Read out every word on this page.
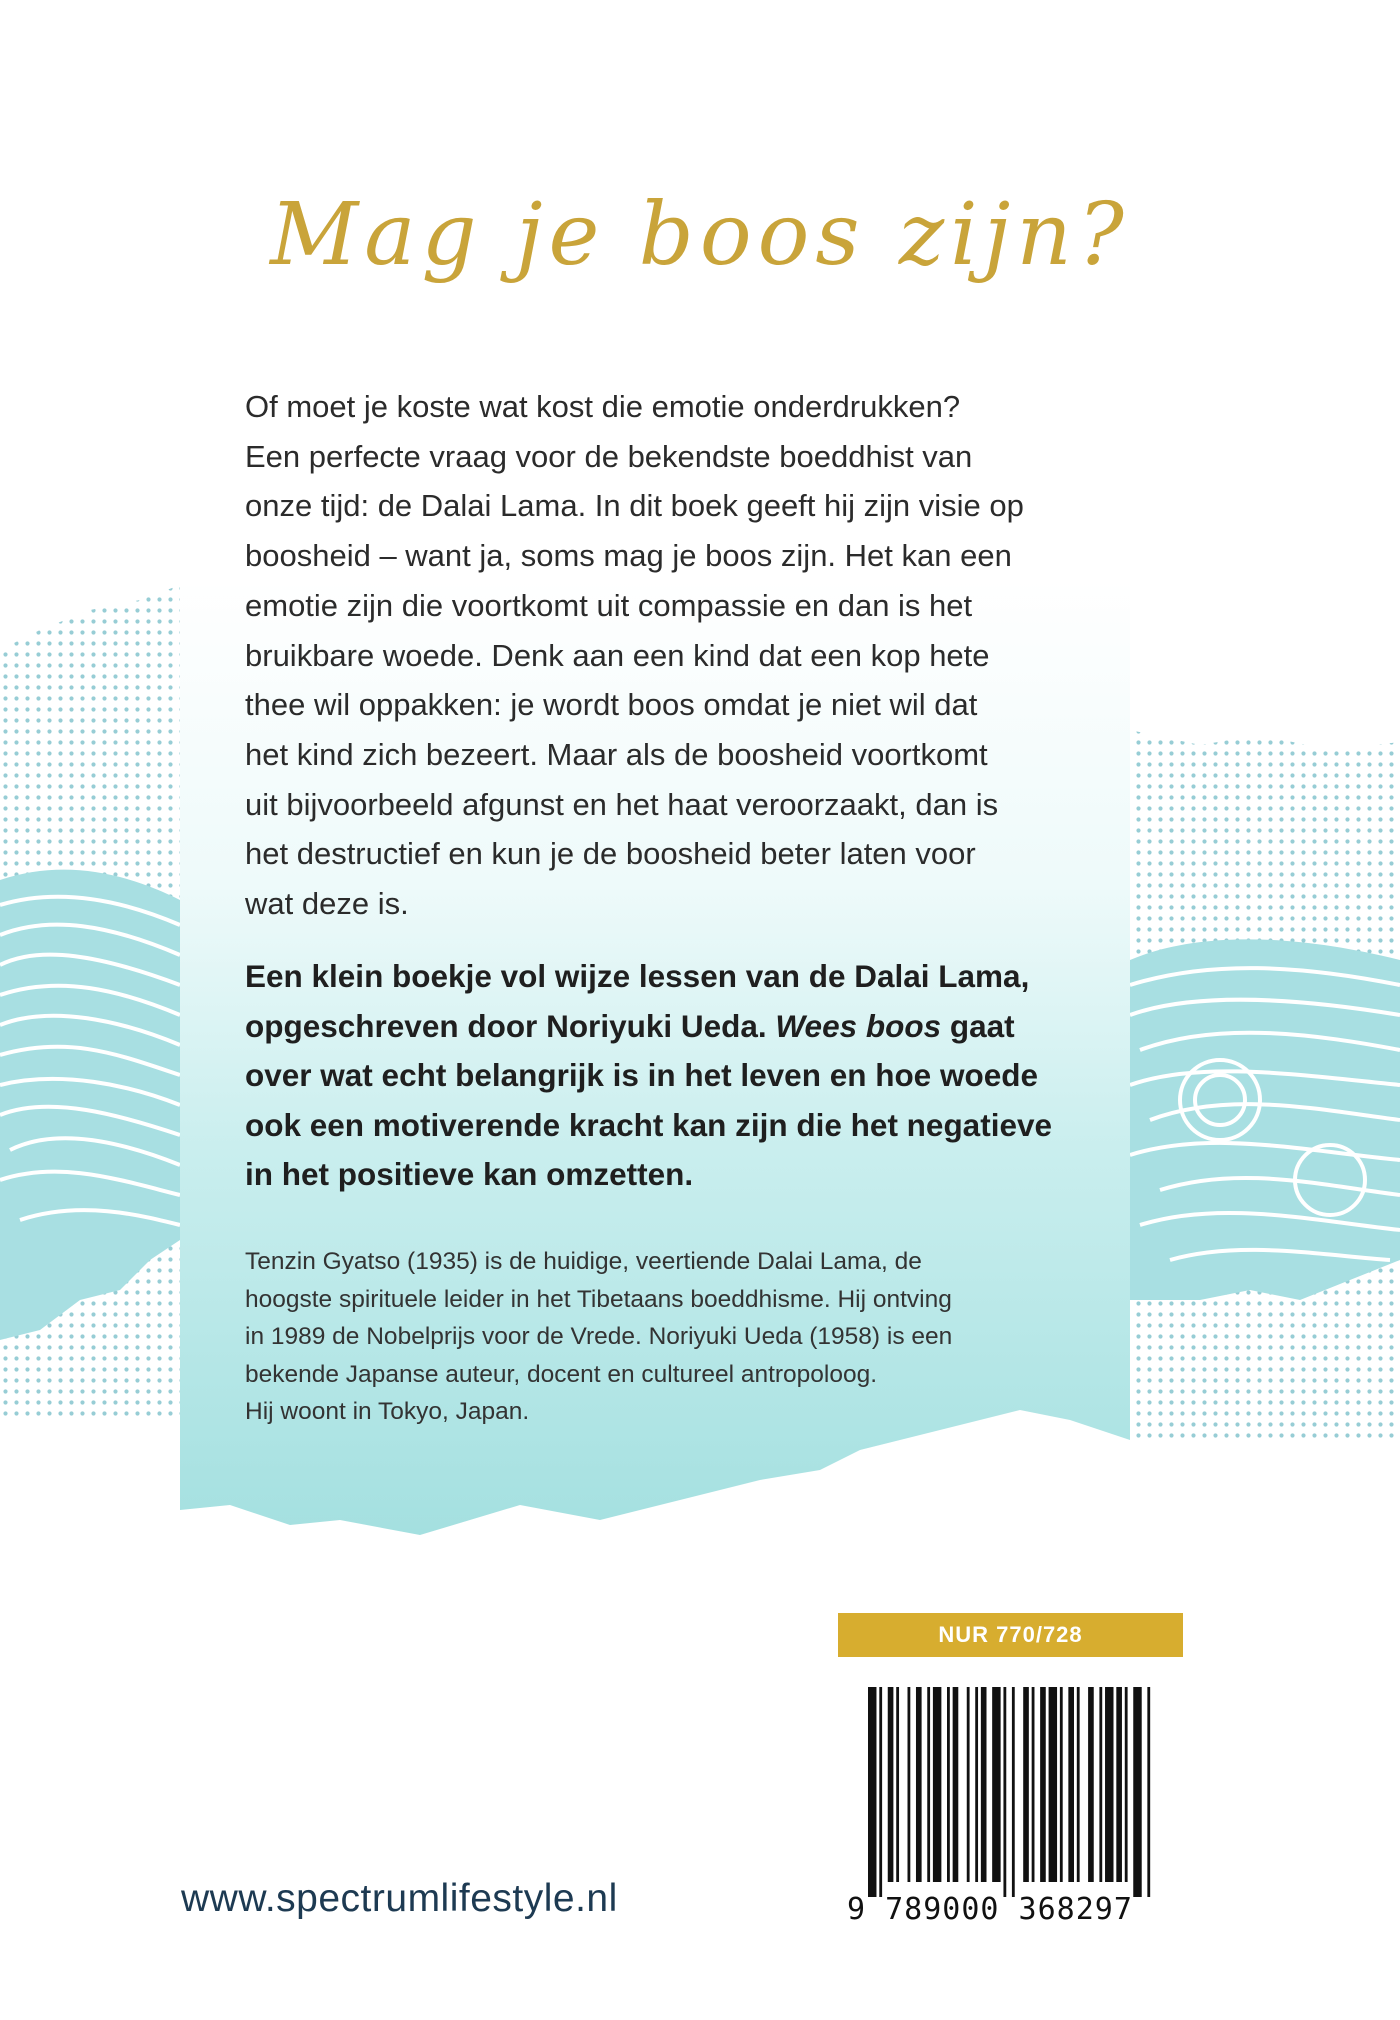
Mag je boos zijn?
Of moet je koste wat kost die emotie onderdrukken?
Een perfecte vraag voor de bekendste boeddhist van
onze tijd: de Dalai Lama. In dit boek geeft hij zijn visie op
boosheid – want ja, soms mag je boos zijn. Het kan een
emotie zijn die voortkomt uit compassie en dan is het
bruikbare woede. Denk aan een kind dat een kop hete
thee wil oppakken: je wordt boos omdat je niet wil dat
het kind zich bezeert. Maar als de boosheid voortkomt
uit bijvoorbeeld afgunst en het haat veroorzaakt, dan is
het destructief en kun je de boosheid beter laten voor
wat deze is.
Een klein boekje vol wijze lessen van de Dalai Lama,
opgeschreven door Noriyuki Ueda. Wees boos gaat
over wat echt belangrijk is in het leven en hoe woede
ook een motiverende kracht kan zijn die het negatieve
in het positieve kan omzetten.
Tenzin Gyatso (1935) is de huidige, veertiende Dalai Lama, de
hoogste spirituele leider in het Tibetaans boeddhisme. Hij ontving
in 1989 de Nobelprijs voor de Vrede. Noriyuki Ueda (1958) is een
bekende Japanse auteur, docent en cultureel antropoloog.
Hij woont in Tokyo, Japan.
NUR 770/728
9 789000 368297
www.spectrumlifestyle.nl
